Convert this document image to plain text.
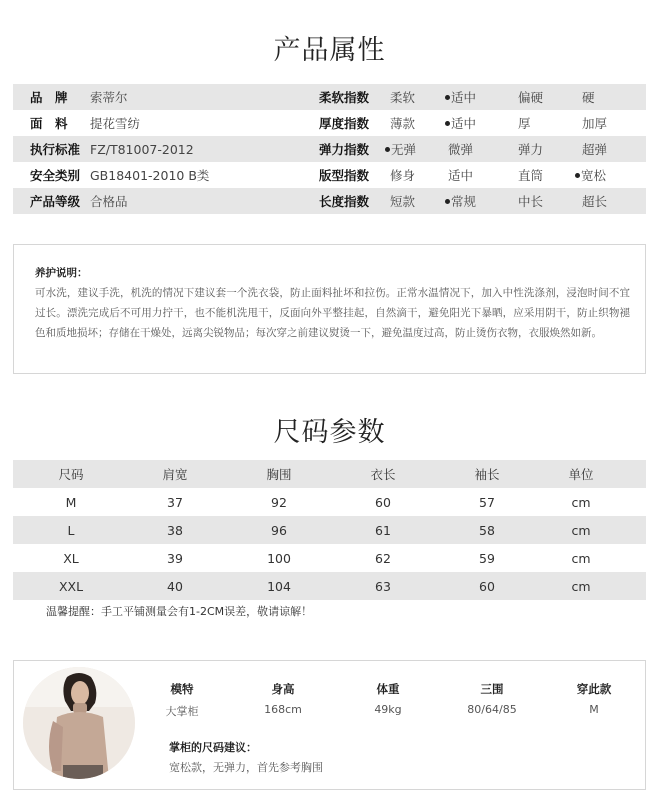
产品属性
品　牌	索蒂尔	柔软指数 柔软	适中	偏硬	硬
面　料	提花雪纺	厚度指数 薄款	适中	厚	加厚
执行标准 FZ/T81007-2012	弹力指数	无弹	微弹	弹力	超弹
安全类别 GB18401-2010 B类	版型指数 修身	适中	直筒	宽松
产品等级 合格品	长度指数 短款	常规	中长	超长
养护说明：
可水洗，建议手洗，机洗的情况下建议套一个洗衣袋，防止面料扯坏和拉伤。正常水温情况下，加入中性洗涤剂，浸泡时间不宜过长。漂洗完成后不可用力拧干，也不能机洗甩干，反面向外平整挂起，自然滴干，避免阳光下暴晒，应采用阴干，防止织物褪色和质地损坏；存储在干燥处，远离尖锐物品；每次穿之前建议熨烫一下，避免温度过高，防止烫伤衣物，衣服焕然如新。
尺码参数
尺码	肩宽	胸围	衣长	袖长	单位
M	37	92	60	57	cm
L	38	96	61	58	cm
XL	39	100	62	59	cm
XXL	40	104	63	60	cm
温馨提醒：手工平铺测量会有1-2CM误差，敬请谅解！
模特	身高	体重	三围	穿此款
大掌柜	168cm	49kg	80/64/85	M
掌柜的尺码建议：
宽松款，无弹力，首先参考胸围
